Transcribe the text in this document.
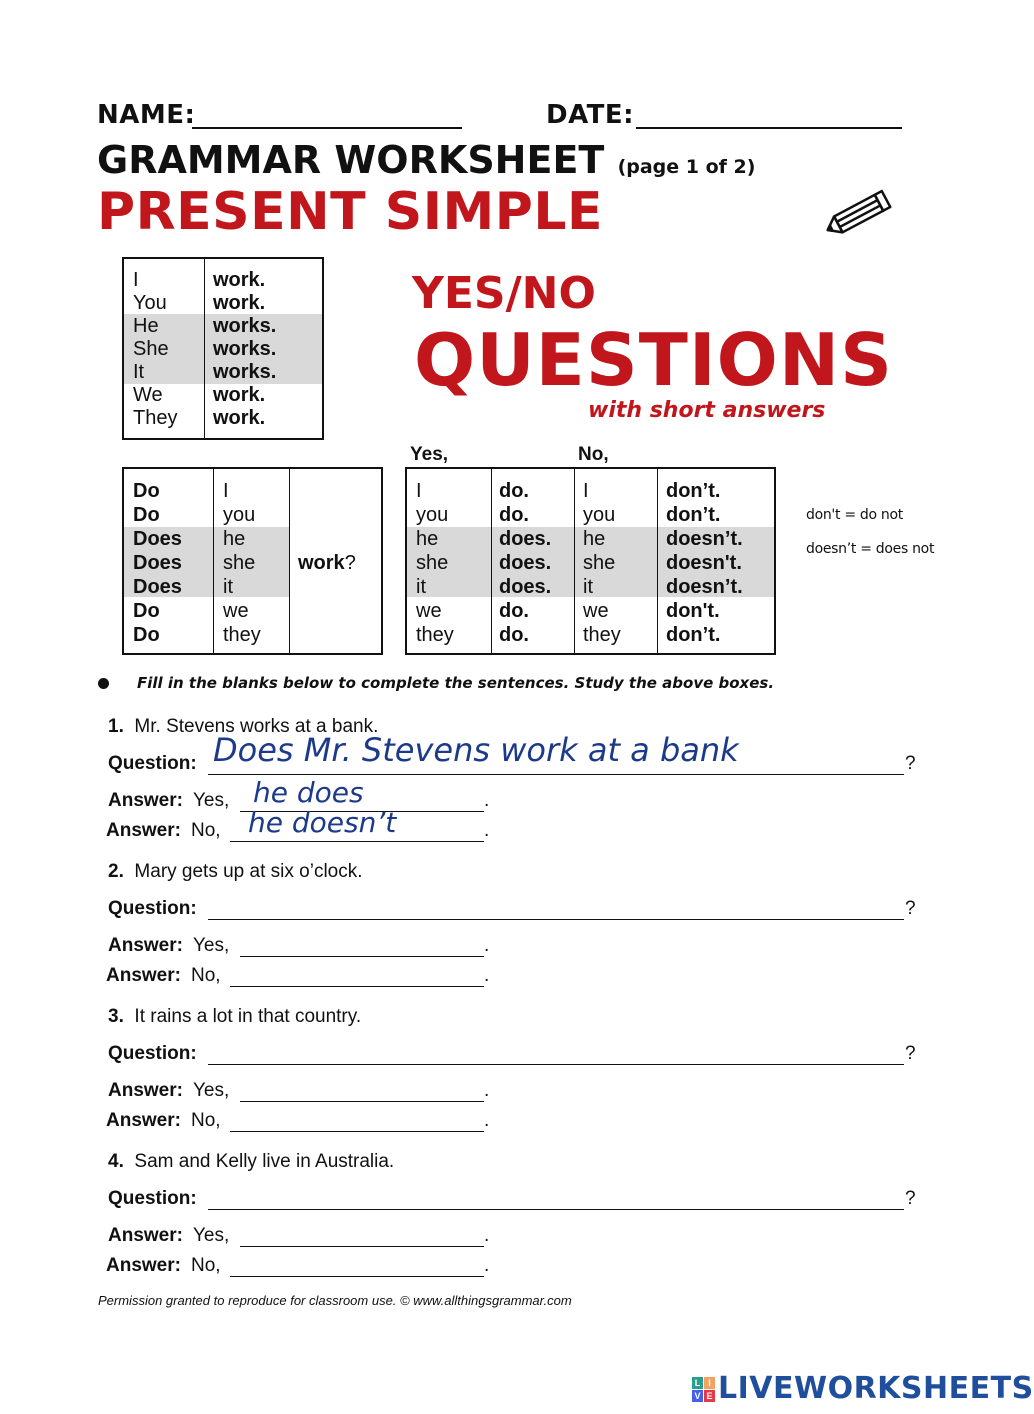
NAME:	DATE:
GRAMMAR WORKSHEET (page 1 of 2)
PRESENT SIMPLE
I	work.
You work.
He	works.
She works.
It	works.
We	work.
They work.
YES/NO
QUESTIONS
with short answers
Do	I
Do	you
Does he
Does she
Does it
Do	we
Do	they
work?
Yes,	No,
I	do.	I	don’t.
you	do.	you	don’t.
he	does. he	doesn’t.
she	does. she	doesn't.
it	does. it	doesn’t.
we	do.	we	don't.
they do.	they don’t.
don't = do not
doesn’t = does not
Fill in the blanks below to complete the sentences. Study the above boxes.
1. Mr. Stevens works at a bank.
Question:	?
Does Mr. Stevens work at a bank
Answer: Yes,	.
he does
Answer: No,	.
he doesn’t
2. Mary gets up at six o’clock.
Question:	?
Answer: Yes,	.
Answer: No,	.
3. It rains a lot in that country.
Question:	?
Answer: Yes,	.
Answer: No,	.
4. Sam and Kelly live in Australia.
Question:	?
Answer: Yes,	.
Answer: No,	.
Permission granted to reproduce for classroom use. © www.allthingsgrammar.com
L I
V E LIVEWORKSHEETS
